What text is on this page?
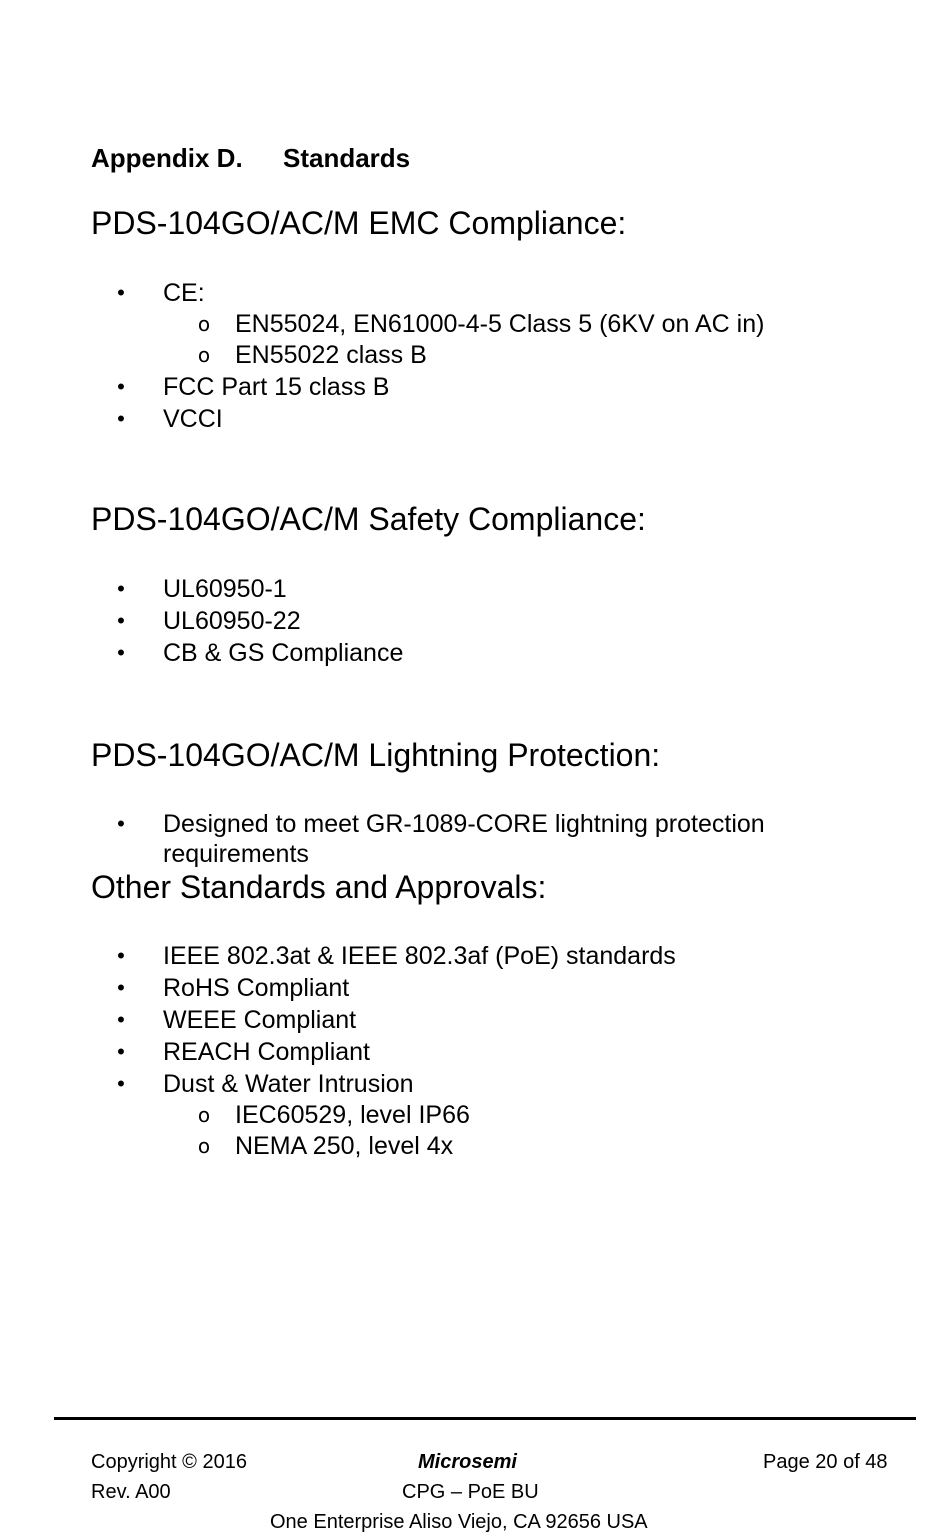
Appendix D. Standards
PDS-104GO/AC/M EMC Compliance:
• CE:
o EN55024, EN61000-4-5 Class 5 (6KV on AC in)
o EN55022 class B
• FCC Part 15 class B
• VCCI
PDS-104GO/AC/M Safety Compliance:
• UL60950-1
• UL60950-22
• CB & GS Compliance
PDS-104GO/AC/M Lightning Protection:
• Designed to meet GR-1089-CORE lightning protection requirements
Other Standards and Approvals:
• IEEE 802.3at & IEEE 802.3af (PoE) standards
• RoHS Compliant
• WEEE Compliant
• REACH Compliant
• Dust & Water Intrusion
o IEC60529, level IP66
o NEMA 250, level 4x
Copyright © 2016	Microsemi	Page 20 of 48
Rev. A00	CPG – PoE BU
One Enterprise Aliso Viejo, CA 92656 USA
